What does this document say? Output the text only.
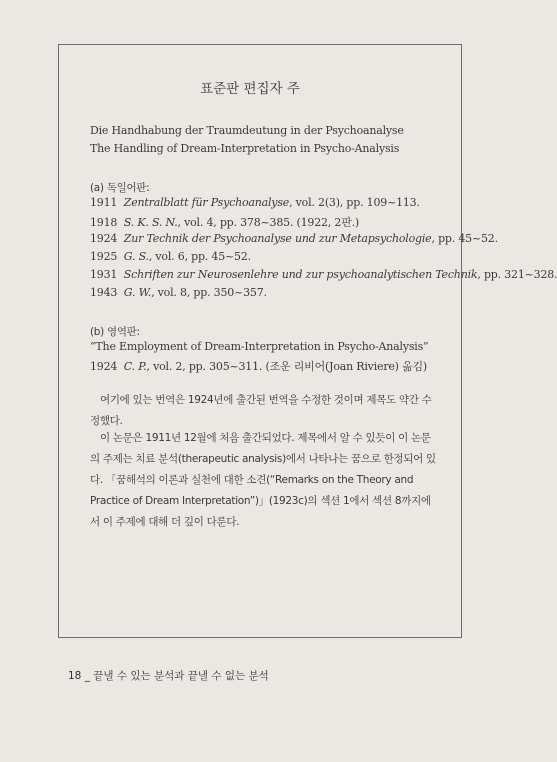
표준판 편집자 주
Die Handhabung der Traumdeutung in der Psychoanalyse
The Handling of Dream-Interpretation in Psycho-Analysis
(a) 독일어판:
1911 Zentralblatt für Psychoanalyse, vol. 2(3), pp. 109~113.
1918 S. K. S. N., vol. 4, pp. 378~385. (1922, 2판.)
1924 Zur Technik der Psychoanalyse und zur Metapsychologie, pp. 45~52.
1925 G. S., vol. 6, pp. 45~52.
1931 Schriften zur Neurosenlehre und zur psychoanalytischen Technik, pp. 321~328.
1943 G. W., vol. 8, pp. 350~357.
(b) 영역판:
“The Employment of Dream-Interpretation in Psycho-Analysis”
1924 C. P., vol. 2, pp. 305~311. (조운 리비어(Joan Riviere) 옮김)
여기에 있는 번역은 1924년에 출간된 번역을 수정한 것이며 제목도 약간 수정했다.
이 논문은 1911년 12월에 처음 출간되었다. 제목에서 알 수 있듯이 이 논문의 주제는 치료 분석(therapeutic analysis)에서 나타나는 꿈으로 한정되어 있다. 「꿈해석의 이론과 실천에 대한 소견(“Remarks on the Theory and Practice of Dream Interpretation”)」(1923c)의 섹션 1에서 섹션 8까지에서 이 주제에 대해 더 깊이 다룬다.
18 _ 끝낼 수 있는 분석과 끝낼 수 없는 분석
